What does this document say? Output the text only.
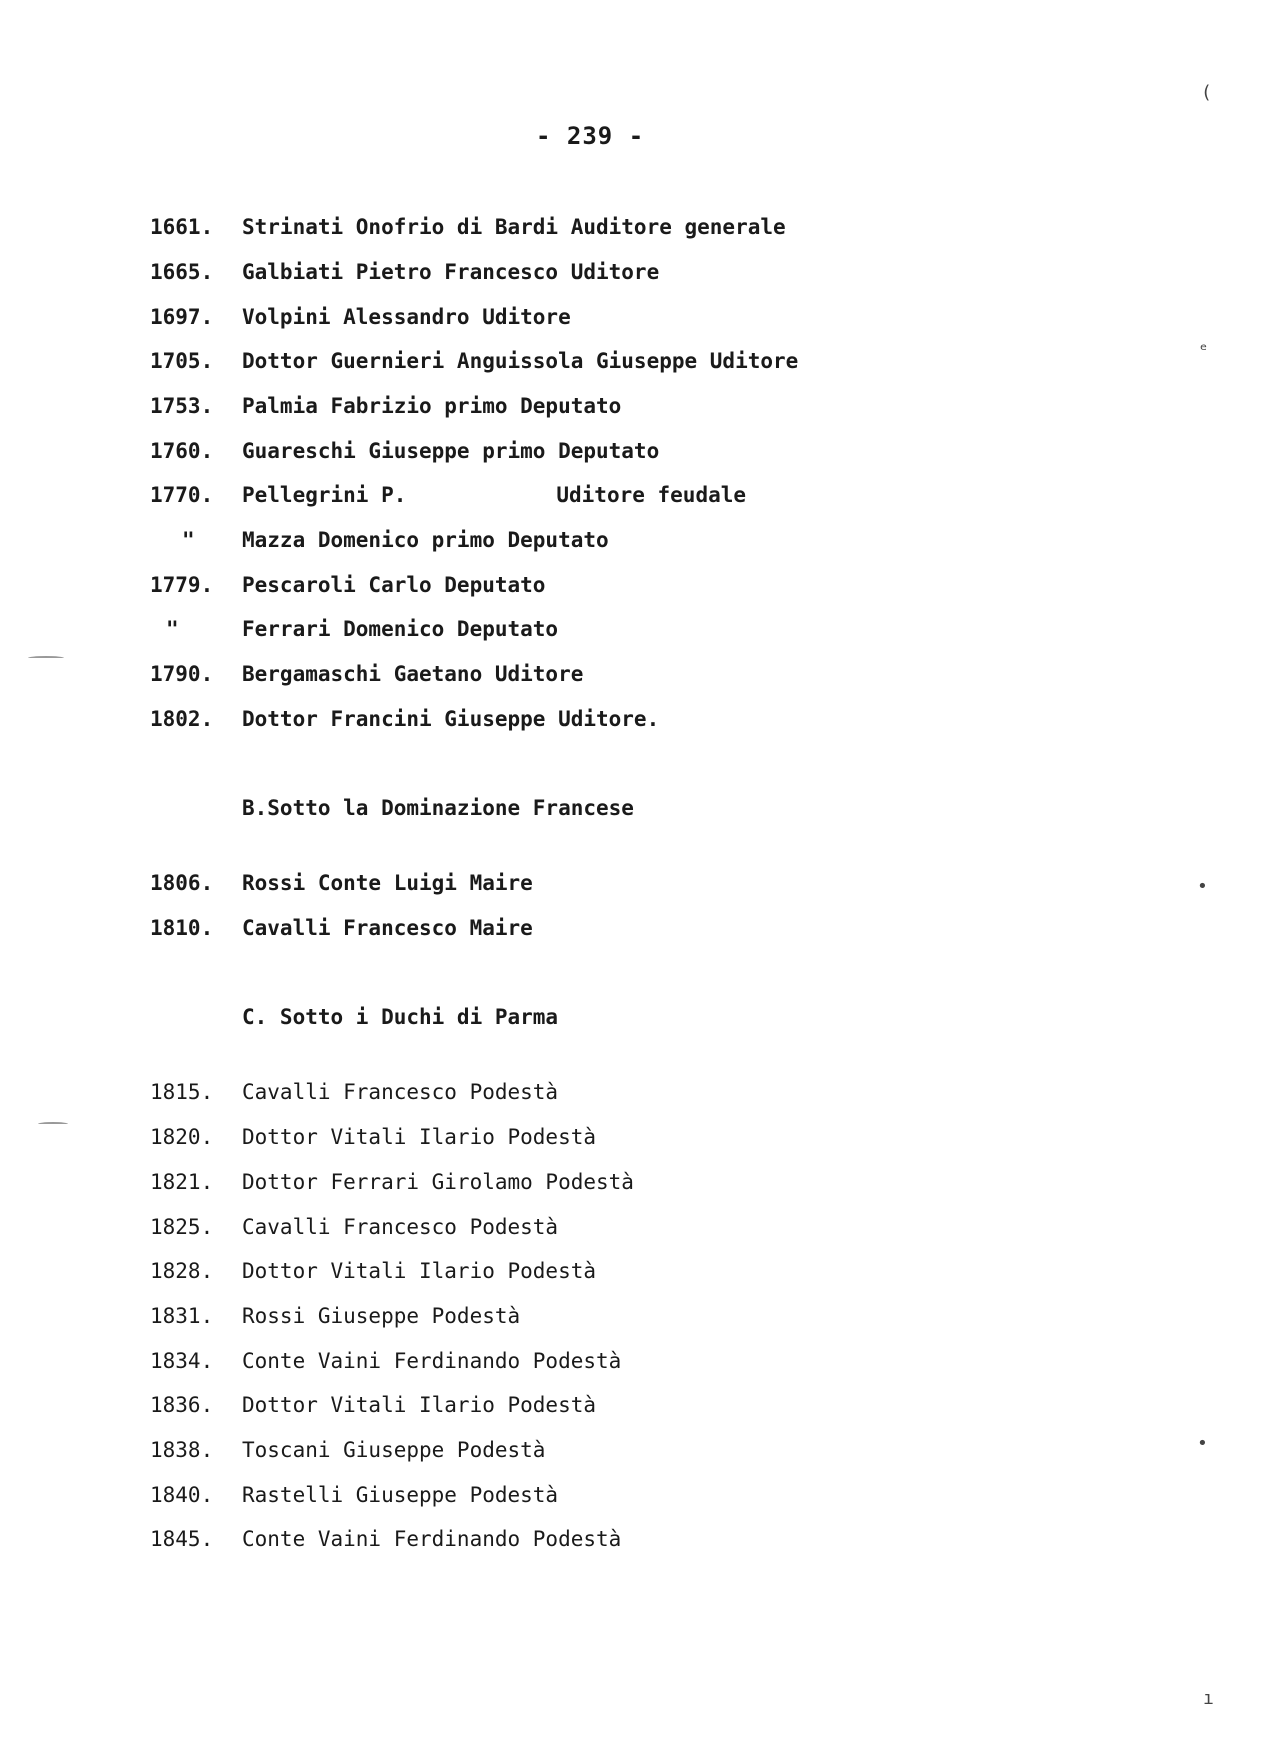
- 239 -
1661.	Strinati Onofrio di Bardi Auditore generale
1665.	Galbiati Pietro Francesco Uditore
1697.	Volpini Alessandro Uditore
1705.	Dottor Guernieri Anguissola Giuseppe Uditore
1753.	Palmia Fabrizio primo Deputato
1760.	Guareschi Giuseppe primo Deputato
1770.	Pellegrini P.	Uditore feudale
"	Mazza Domenico primo Deputato
1779.	Pescaroli Carlo Deputato
"	Ferrari Domenico Deputato
1790.	Bergamaschi Gaetano Uditore
1802.	Dottor Francini Giuseppe Uditore.
B.Sotto la Dominazione Francese
1806.	Rossi Conte Luigi Maire
1810.	Cavalli Francesco Maire
C. Sotto i Duchi di Parma
1815.	Cavalli Francesco Podestà
1820.	Dottor Vitali Ilario Podestà
1821.	Dottor Ferrari Girolamo Podestà
1825.	Cavalli Francesco Podestà
1828.	Dottor Vitali Ilario Podestà
1831.	Rossi Giuseppe Podestà
1834.	Conte Vaini Ferdinando Podestà
1836.	Dottor Vitali Ilario Podestà
1838.	Toscani Giuseppe Podestà
1840.	Rastelli Giuseppe Podestà
1845.	Conte Vaini Ferdinando Podestà
(
ᵉ
•
•
ı
